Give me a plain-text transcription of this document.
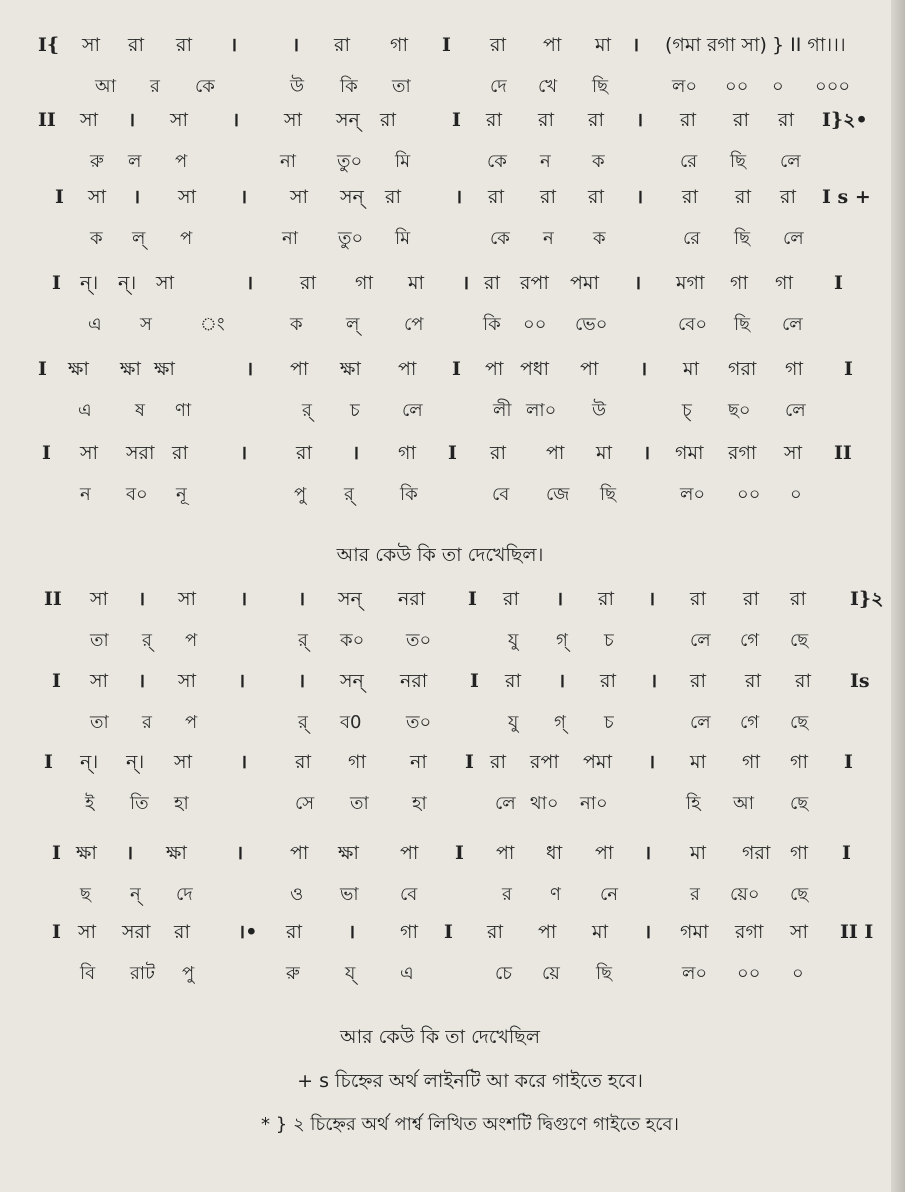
I{ সা রা রা ।	। রা গা I রা পা মা । (গমা রগা সা) } II গা।।।
আ র কে	উ কি তা	দে খে ছি	ল০ ০০ ০ ০০০
II সা । সা । সা সন্ রা	I রা রা রা । রা রা রা I}২•
রু ল প	না তু০ মি	কে ন ক	রে ছি লে
I সা । সা । সা সন্ রা	। রা রা রা । রা রা রা I s +
ক ল্ প	না তু০ মি	কে ন ক	রে ছি লে
I ন্। ন্। সা	। রা গা মা । রা রপা পমা । মগা গা গা I
এ স	ং	ক ল্ পে	কি ০০ ভে০	বে০ ছি লে
I ক্ষা ক্ষা ক্ষা	। পা ক্ষা পা I পা পধা পা । মা গরা গা I
এ ষ ণা	র্ চ লে	লী লা০ উ	চ্ ছ০ লে
I সা সরা রা	।	রা । গা I রা পা মা । গমা রগা সা II
ন ব০ নূ	পু র্	কি	বে জে ছি	ল০ ০০ ০
II সা । সা ।	। সন্ নরা I রা । রা । রা রা রা I}২
তা র্ প	র্ ক০ ত০	যু গ্ চ	লে গে ছে
I সা । সা ।	। সন্ নরা I রা । রা । রা রা রা Is
তা র প	র্ ব0 ত০	যু গ্ চ	লে গে ছে
I ন্। ন্। সা	।	রা গা না I রা রপা পমা । মা গা গা I
ই তি হা	সে তা হা	লে থা০ না০	হি আ ছে
I ক্ষা । ক্ষা	। পা ক্ষা পা I পা ধা পা । মা গরা গা I
ছ ন্ দে	ও ভা বে	র ণ নে	র য়ে০ ছে
I সা সরা রা	।• রা । গা I রা পা মা । গমা রগা সা II I
বি রাট পু	রু	য্ এ	চে য়ে ছি	ল০ ০০ ০
আর কেউ কি তা দেখেছিল।
আর কেউ কি তা দেখেছিল
+ s চিহ্নের অর্থ লাইনটি আ করে গাইতে হবে।
* } ২ চিহ্নের অর্থ পার্শ্ব লিখিত অংশটি দ্বিগুণে গাইতে হবে।
